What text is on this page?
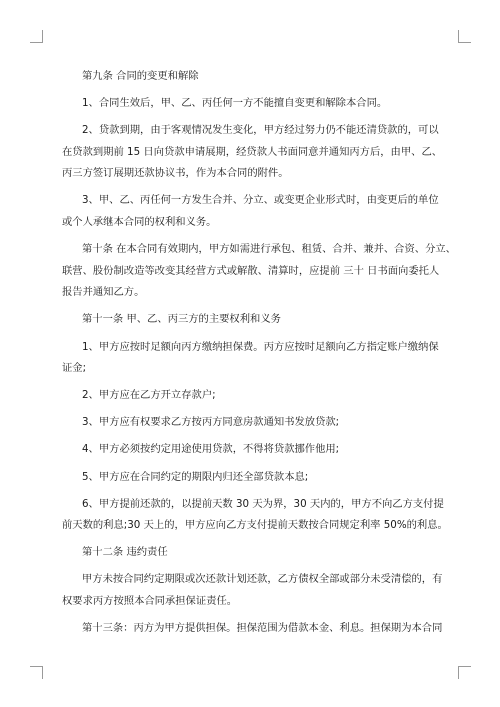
第九条 合同的变更和解除
1、合同生效后，甲、乙、丙任何一方不能擅自变更和解除本合同。
2、贷款到期，由于客观情况发生变化，甲方经过努力仍不能还清贷款的，可以
在贷款到期前 15 日向贷款申请展期，经贷款人书面同意并通知丙方后，由甲、乙、
丙三方签订展期还款协议书，作为本合同的附件。
3、甲、乙、丙任何一方发生合并、分立、或变更企业形式时，由变更后的单位
或个人承继本合同的权利和义务。
第十条 在本合同有效期内，甲方如需进行承包、租赁、合并、兼并、合资、分立、
联营、股份制改造等改变其经营方式或解散、清算时，应提前 三十 日书面向委托人
报告并通知乙方。
第十一条 甲、乙、丙三方的主要权利和义务
1、甲方应按时足额向丙方缴纳担保费。丙方应按时足额向乙方指定账户缴纳保
证金;
2、甲方应在乙方开立存款户;
3、甲方应有权要求乙方按丙方同意房款通知书发放贷款;
4、甲方必须按约定用途使用贷款，不得将贷款挪作他用;
5、甲方应在合同约定的期限内归还全部贷款本息;
6、甲方提前还款的，以提前天数 30 天为界，30 天内的，甲方不向乙方支付提
前天数的利息;30 天上的，甲方应向乙方支付提前天数按合同规定利率 50%的利息。
第十二条 违约责任
甲方未按合同约定期限或次还款计划还款，乙方债权全部或部分未受清偿的，有
权要求丙方按照本合同承担保证责任。
第十三条：丙方为甲方提供担保。担保范围为借款本金、利息。担保期为本合同
